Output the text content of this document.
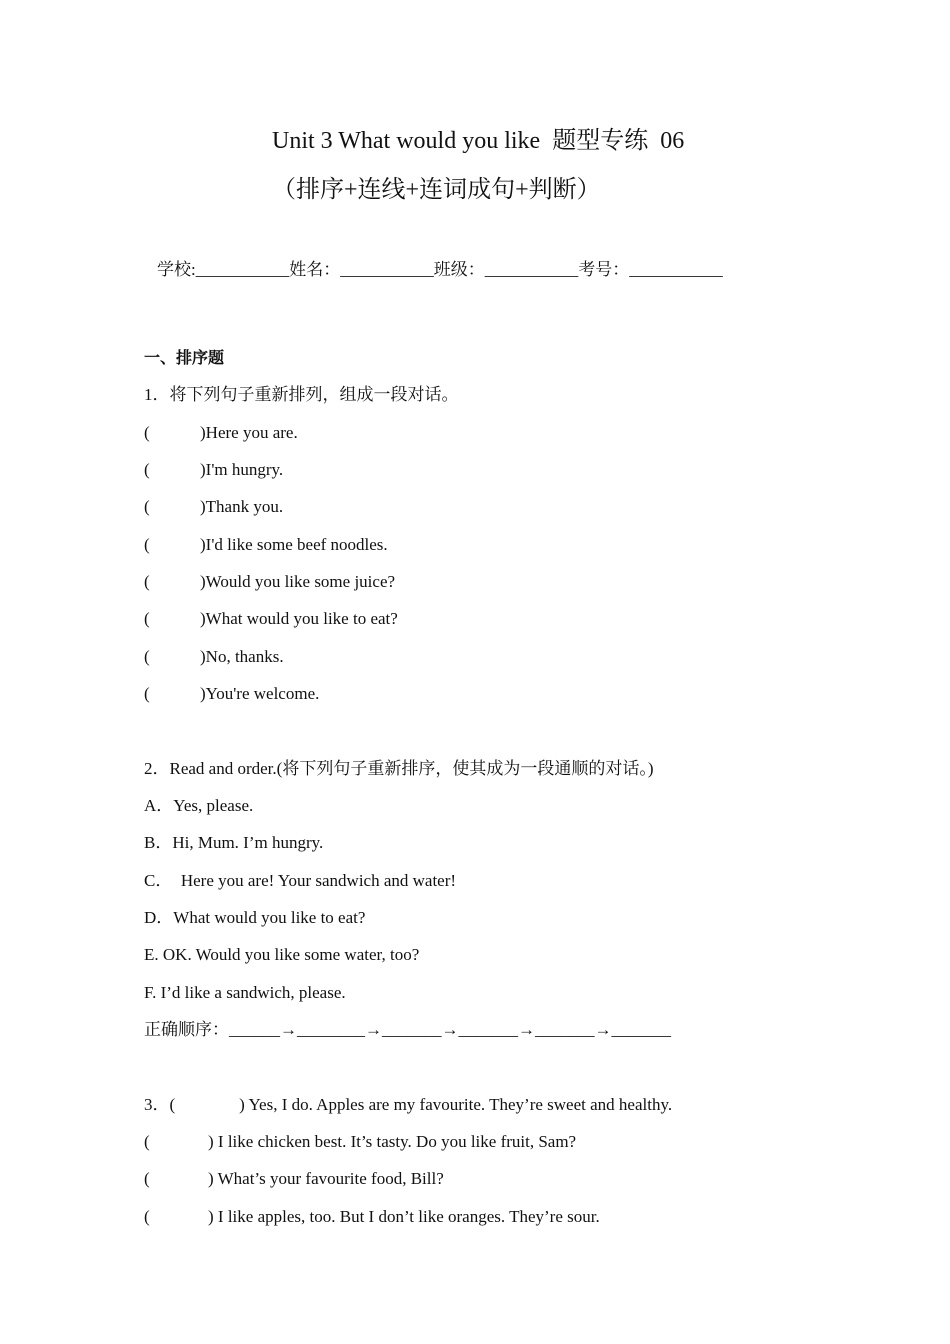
Unit 3 What would you like  题型专练  06
（排序+连线+连词成句+判断）
学校:___________姓名：___________班级：___________考号：___________
一、排序题
1．将下列句子重新排列，组成一段对话。
(	)Here you are.
(	)I'm hungry.
(	)Thank you.
(	)I'd like some beef noodles.
(	)Would you like some juice?
(	)What would you like to eat?
(	)No, thanks.
(	)You're welcome.
2．Read and order.(将下列句子重新排序，使其成为一段通顺的对话。)
A．Yes, please.
B．Hi, Mum. I’m hungry.
C．  Here you are! Your sandwich and water!
D．What would you like to eat?
E. OK. Would you like some water, too?
F. I’d like a sandwich, please.
正确顺序：______→________→_______→_______→_______→_______
3．(	) Yes, I do. Apples are my favourite. They’re sweet and healthy.
(	) I like chicken best. It’s tasty. Do you like fruit, Sam?
(	) What’s your favourite food, Bill?
(	) I like apples, too. But I don’t like oranges. They’re sour.
